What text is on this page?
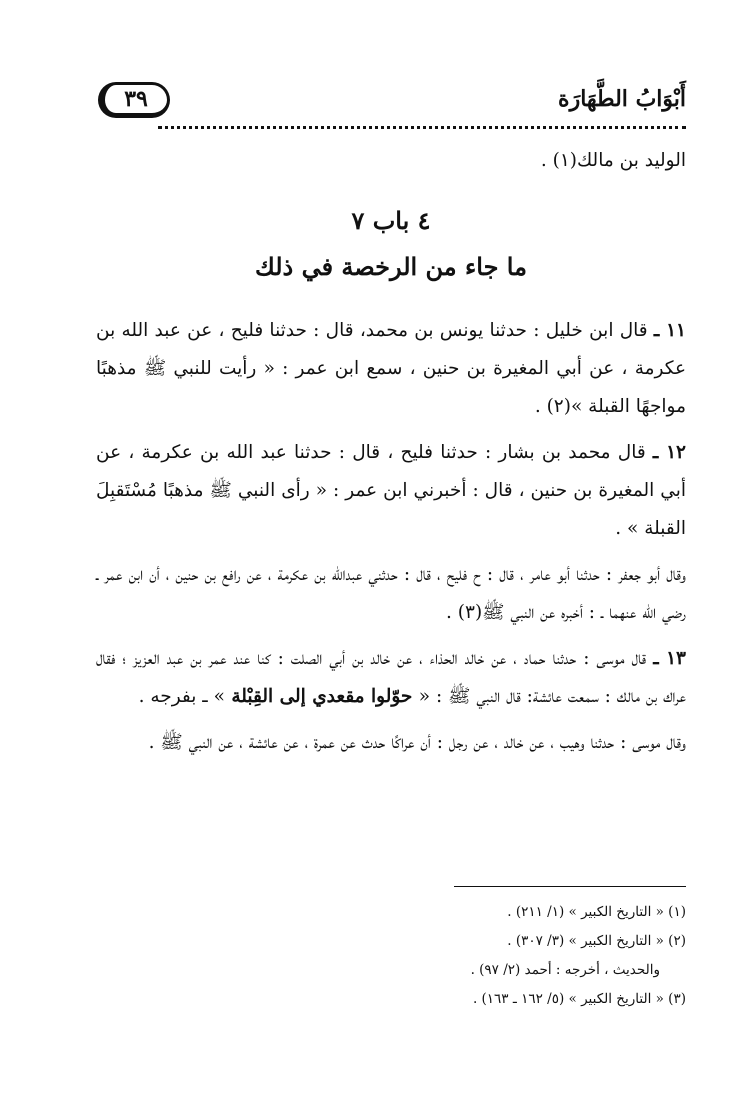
أَبْوَابُ الطَّهَارَة
٣٩

الوليد بن مالك(١) .

٤ باب ٧
ما جاء من الرخصة في ذلك

١١ ـ قال ابن خليل : حدثنا يونس بن محمد، قال : حدثنا فليح ، عن عبد الله بن عكرمة ، عن أبي المغيرة بن حنين ، سمع ابن عمر : « رأيت للنبي ﷺ مذهبًا مواجهًا القبلة »(٢) .

١٢ ـ قال محمد بن بشار : حدثنا فليح ، قال : حدثنا عبد الله بن عكرمة ، عن أبي المغيرة بن حنين ، قال : أخبرني ابن عمر : « رأى النبي ﷺ مذهبًا مُسْتَقبِلَ القبلة » .

وقال أبو جعفر : حدثنا أبو عامر ، قال : ح فليح ، قال : حدثني عبدالله بن عكرمة ، عن رافع بن حنين ، أن ابن عمر ـ رضي الله عنهما ـ : أخبره عن النبي ﷺ(٣) .

١٣ ـ قال موسى : حدثنا حماد ، عن خالد الحذاء ، عن خالد بن أبي الصلت : كنا عند عمر بن عبد العزيز ؛ فقال عراك بن مالك : سمعت عائشة: قال النبي ﷺ : « حوّلوا مقعدي إلى القِبْلة » ـ بفرجه .

وقال موسى : حدثنا وهيب ، عن خالد ، عن رجل : أن عراكًا حدث عن عمرة ، عن عائشة ، عن النبي ﷺ .

(١) « التاريخ الكبير » (١/ ٢١١) .

(٢) « التاريخ الكبير » (٣/ ٣٠٧) .

والحديث ، أخرجه : أحمد (٢/ ٩٧) .

(٣) « التاريخ الكبير » (٥/ ١٦٢ ـ ١٦٣) .
